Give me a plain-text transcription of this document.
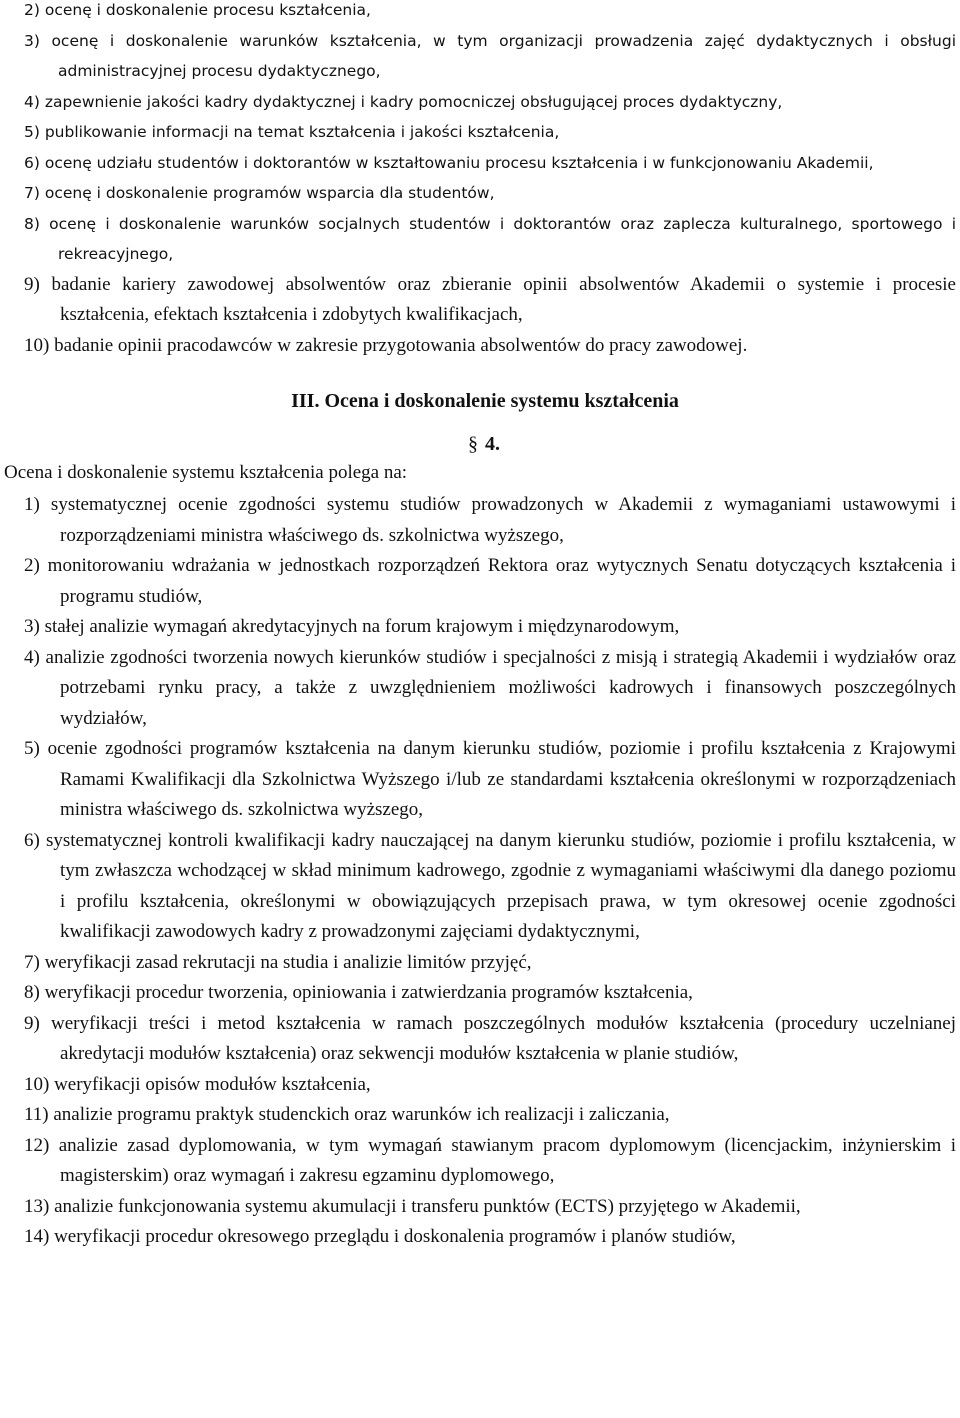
2) ocenę i doskonalenie procesu kształcenia,
3) ocenę i doskonalenie warunków kształcenia, w tym organizacji prowadzenia zajęć dydaktycznych i obsługi administracyjnej procesu dydaktycznego,
4) zapewnienie jakości kadry dydaktycznej i kadry pomocniczej obsługującej proces dydaktyczny,
5) publikowanie informacji na temat kształcenia i jakości kształcenia,
6) ocenę udziału studentów i doktorantów w kształtowaniu procesu kształcenia i w funkcjonowaniu Akademii,
7) ocenę i doskonalenie programów wsparcia dla studentów,
8) ocenę i doskonalenie warunków socjalnych studentów i doktorantów oraz zaplecza kulturalnego, sportowego i rekreacyjnego,
9) badanie kariery zawodowej absolwentów oraz zbieranie opinii absolwentów Akademii o systemie i procesie kształcenia, efektach kształcenia i zdobytych kwalifikacjach,
10) badanie opinii pracodawców w zakresie przygotowania absolwentów do pracy zawodowej.
III. Ocena i doskonalenie systemu kształcenia
§ 4.

Ocena i doskonalenie systemu kształcenia polega na:

1) systematycznej ocenie zgodności systemu studiów prowadzonych w Akademii z wymaganiami ustawowymi i rozporządzeniami ministra właściwego ds. szkolnictwa wyższego,
2) monitorowaniu wdrażania w jednostkach rozporządzeń Rektora oraz wytycznych Senatu dotyczących kształcenia i programu studiów,
3) stałej analizie wymagań akredytacyjnych na forum krajowym i międzynarodowym,
4) analizie zgodności tworzenia nowych kierunków studiów i specjalności z misją i strategią Akademii i wydziałów oraz potrzebami rynku pracy, a także z uwzględnieniem możliwości kadrowych i finansowych poszczególnych wydziałów,
5) ocenie zgodności programów kształcenia na danym kierunku studiów, poziomie i profilu kształcenia z Krajowymi Ramami Kwalifikacji dla Szkolnictwa Wyższego i/lub ze standardami kształcenia określonymi w rozporządzeniach ministra właściwego ds. szkolnictwa wyższego,
6) systematycznej kontroli kwalifikacji kadry nauczającej na danym kierunku studiów, poziomie i profilu kształcenia, w tym zwłaszcza wchodzącej w skład minimum kadrowego, zgodnie z wymaganiami właściwymi dla danego poziomu i profilu kształcenia, określonymi w obowiązujących przepisach prawa, w tym okresowej ocenie zgodności kwalifikacji zawodowych kadry z prowadzonymi zajęciami dydaktycznymi,
7) weryfikacji zasad rekrutacji na studia i analizie limitów przyjęć,
8) weryfikacji procedur tworzenia, opiniowania i zatwierdzania programów kształcenia,
9) weryfikacji treści i metod kształcenia w ramach poszczególnych modułów kształcenia (procedury uczelnianej akredytacji modułów kształcenia) oraz sekwencji modułów kształcenia w planie studiów,
10) weryfikacji opisów modułów kształcenia,
11) analizie programu praktyk studenckich oraz warunków ich realizacji i zaliczania,
12) analizie zasad dyplomowania, w tym wymagań stawianym pracom dyplomowym (licencjackim, inżynierskim i magisterskim) oraz wymagań i zakresu egzaminu dyplomowego,
13) analizie funkcjonowania systemu akumulacji i transferu punktów (ECTS) przyjętego w Akademii,
14) weryfikacji procedur okresowego przeglądu i doskonalenia programów i planów studiów,
